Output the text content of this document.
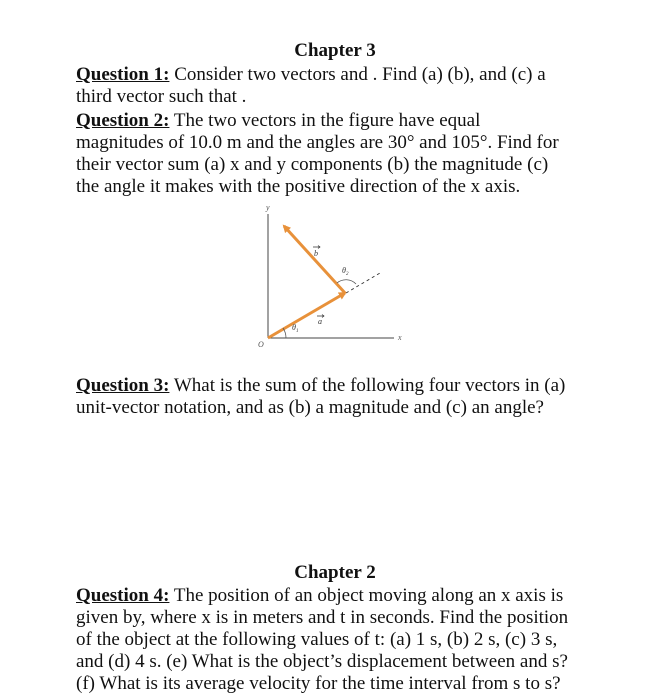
Chapter 3
Question 1: Consider two vectors and . Find (a) (b), and (c) a
third vector such that .
Question 2: The two vectors in the figure have equal
magnitudes of 10.0 m and the angles are 30° and 105°. Find for
their vector sum (a) x and y components (b) the magnitude (c)
the angle it makes with the positive direction of the x axis.
y
x
O
$\theta_1$
$\theta_2$
a
b
Question 3: What is the sum of the following four vectors in (a)
unit-vector notation, and as (b) a magnitude and (c) an angle?
Chapter 2
Question 4: The position of an object moving along an x axis is
given by, where x is in meters and t in seconds. Find the position
of the object at the following values of t: (a) 1 s, (b) 2 s, (c) 3 s,
and (d) 4 s. (e) What is the object’s displacement between and s?
(f) What is its average velocity for the time interval from s to s?
